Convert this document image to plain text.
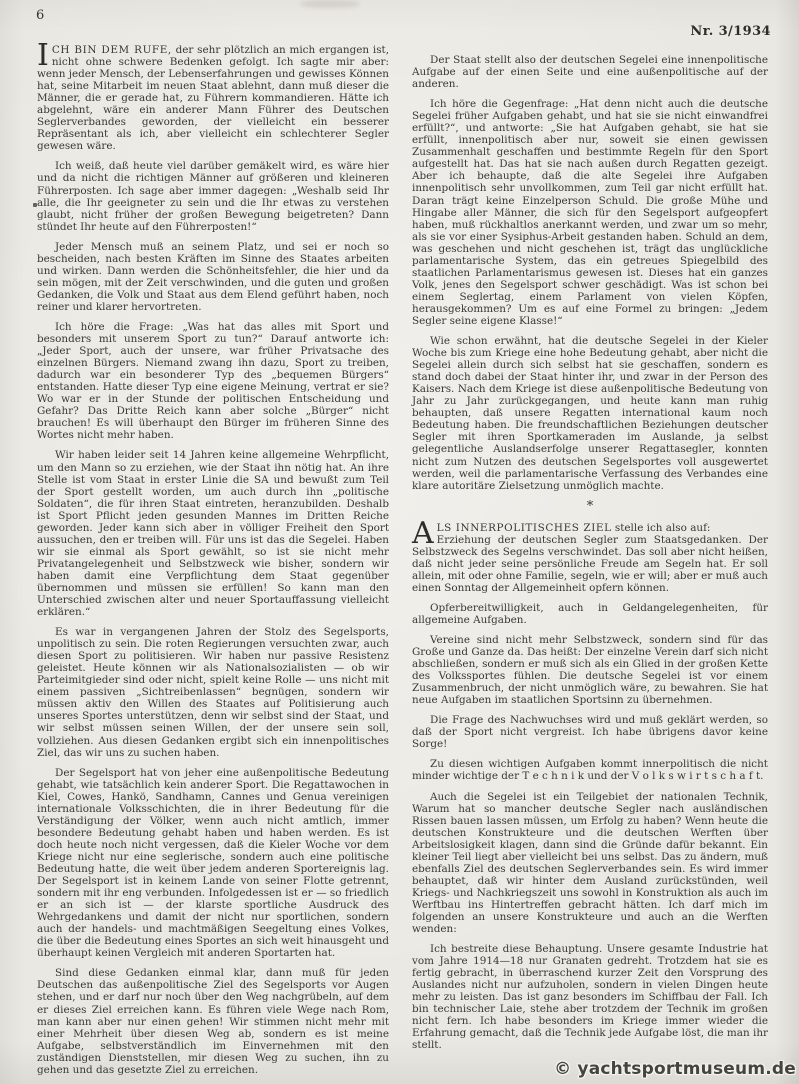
6
Nr. 3/1934

ICH BIN DEM RUFE, der sehr plötzlich an mich ergangen ist, nicht ohne schwere Bedenken gefolgt. Ich sagte mir aber: wenn jeder Mensch, der Lebenserfahrungen und gewisses Können hat, seine Mitarbeit im neuen Staat ablehnt, dann muß dieser die Männer, die er gerade hat, zu Führern kommandieren. Hätte ich abgelehnt, wäre ein anderer Mann Führer des Deutschen Seglerverbandes geworden, der vielleicht ein besserer Repräsentant als ich, aber vielleicht ein schlechterer Segler gewesen wäre.

Ich weiß, daß heute viel darüber gemäkelt wird, es wäre hier und da nicht die richtigen Männer auf größeren und kleineren Führerposten. Ich sage aber immer dagegen: „Weshalb seid Ihr alle, die Ihr geeigneter zu sein und die Ihr etwas zu verstehen glaubt, nicht früher der großen Bewegung beigetreten? Dann stündet Ihr heute auf den Führerposten!“

Jeder Mensch muß an seinem Platz, und sei er noch so bescheiden, nach besten Kräften im Sinne des Staates arbeiten und wirken. Dann werden die Schönheitsfehler, die hier und da sein mögen, mit der Zeit verschwinden, und die guten und großen Gedanken, die Volk und Staat aus dem Elend geführt haben, noch reiner und klarer hervortreten.

Ich höre die Frage: „Was hat das alles mit Sport und besonders mit unserem Sport zu tun?“ Darauf antworte ich: „Jeder Sport, auch der unsere, war früher Privatsache des einzelnen Bürgers. Niemand zwang ihn dazu, Sport zu treiben, dadurch war ein besonderer Typ des „bequemen Bürgers“ entstanden. Hatte dieser Typ eine eigene Meinung, vertrat er sie? Wo war er in der Stunde der politischen Entscheidung und Gefahr? Das Dritte Reich kann aber solche „Bürger“ nicht brauchen! Es will überhaupt den Bürger im früheren Sinne des Wortes nicht mehr haben.

Wir haben leider seit 14 Jahren keine allgemeine Wehrpflicht, um den Mann so zu erziehen, wie der Staat ihn nötig hat. An ihre Stelle ist vom Staat in erster Linie die SA und bewußt zum Teil der Sport gestellt worden, um auch durch ihn „politische Soldaten“, die für ihren Staat eintreten, heranzubilden. Deshalb ist Sport Pflicht jeden gesunden Mannes im Dritten Reiche geworden. Jeder kann sich aber in völliger Freiheit den Sport aussuchen, den er treiben will. Für uns ist das die Segelei. Haben wir sie einmal als Sport gewählt, so ist sie nicht mehr Privatangelegenheit und Selbstzweck wie bisher, sondern wir haben damit eine Verpflichtung dem Staat gegenüber übernommen und müssen sie erfüllen! So kann man den Unterschied zwischen alter und neuer Sportauffassung vielleicht erklären.“

Es war in vergangenen Jahren der Stolz des Segelsports, unpolitisch zu sein. Die roten Regierungen versuchten zwar, auch diesen Sport zu politisieren. Wir haben nur passive Resistenz geleistet. Heute können wir als Nationalsozialisten — ob wir Parteimitgieder sind oder nicht, spielt keine Rolle — uns nicht mit einem passiven „Sichtreibenlassen“ begnügen, sondern wir müssen aktiv den Willen des Staates auf Politisierung auch unseres Sportes unterstützen, denn wir selbst sind der Staat, und wir selbst müssen seinen Willen, der der unsere sein soll, vollziehen. Aus diesen Gedanken ergibt sich ein innenpolitisches Ziel, das wir uns zu suchen haben.

Der Segelsport hat von jeher eine außenpolitische Bedeutung gehabt, wie tatsächlich kein anderer Sport. Die Regattawochen in Kiel, Cowes, Hankö, Sandhamn, Cannes und Genua vereinigen internationale Volksschichten, die in ihrer Bedeutung für die Verständigung der Völker, wenn auch nicht amtlich, immer besondere Bedeutung gehabt haben und haben werden. Es ist doch heute noch nicht vergessen, daß die Kieler Woche vor dem Kriege nicht nur eine seglerische, sondern auch eine politische Bedeutung hatte, die weit über jedem anderen Sportereignis lag. Der Segelsport ist in keinem Lande von seiner Flotte getrennt, sondern mit ihr eng verbunden. Infolgedessen ist er — so friedlich er an sich ist — der klarste sportliche Ausdruck des Wehrgedankens und damit der nicht nur sportlichen, sondern auch der handels- und machtmäßigen Seegeltung eines Volkes, die über die Bedeutung eines Sportes an sich weit hinausgeht und überhaupt keinen Vergleich mit anderen Sportarten hat.

Sind diese Gedanken einmal klar, dann muß für jeden Deutschen das außenpolitische Ziel des Segelsports vor Augen stehen, und er darf nur noch über den Weg nachgrübeln, auf dem er dieses Ziel erreichen kann. Es führen viele Wege nach Rom, man kann aber nur einen gehen! Wir stimmen nicht mehr mit einer Mehrheit über diesen Weg ab, sondern es ist meine Aufgabe, selbstverständlich im Einvernehmen mit den zuständigen Dienststellen, mir diesen Weg zu suchen, ihn zu gehen und das gesetzte Ziel zu erreichen.

Der Staat stellt also der deutschen Segelei eine innenpolitische Aufgabe auf der einen Seite und eine außenpolitische auf der anderen.

Ich höre die Gegenfrage: „Hat denn nicht auch die deutsche Segelei früher Aufgaben gehabt, und hat sie sie nicht einwandfrei erfüllt?“, und antworte: „Sie hat Aufgaben gehabt, sie hat sie erfüllt, innenpolitisch aber nur, soweit sie einen gewissen Zusammenhalt geschaffen und bestimmte Regeln für den Sport aufgestellt hat. Das hat sie nach außen durch Regatten gezeigt. Aber ich behaupte, daß die alte Segelei ihre Aufgaben innenpolitisch sehr unvollkommen, zum Teil gar nicht erfüllt hat. Daran trägt keine Einzelperson Schuld. Die große Mühe und Hingabe aller Männer, die sich für den Segelsport aufgeopfert haben, muß rückhaltlos anerkannt werden, und zwar um so mehr, als sie vor einer Sysiphus-Arbeit gestanden haben. Schuld an dem, was geschehen und nicht geschehen ist, trägt das unglückliche parlamentarische System, das ein getreues Spiegelbild des staatlichen Parlamentarismus gewesen ist. Dieses hat ein ganzes Volk, jenes den Segelsport schwer geschädigt. Was ist schon bei einem Seglertag, einem Parlament von vielen Köpfen, herausgekommen? Um es auf eine Formel zu bringen: „Jedem Segler seine eigene Klasse!“

Wie schon erwähnt, hat die deutsche Segelei in der Kieler Woche bis zum Kriege eine hohe Bedeutung gehabt, aber nicht die Segelei allein durch sich selbst hat sie geschaffen, sondern es stand doch dabei der Staat hinter ihr, und zwar in der Person des Kaisers. Nach dem Kriege ist diese außenpolitische Bedeutung von Jahr zu Jahr zurückgegangen, und heute kann man ruhig behaupten, daß unsere Regatten international kaum noch Bedeutung haben. Die freundschaftlichen Beziehungen deutscher Segler mit ihren Sportkameraden im Auslande, ja selbst gelegentliche Auslandserfolge unserer Regattasegler, konnten nicht zum Nutzen des deutschen Segelsportes voll ausgewertet werden, weil die parlamentarische Verfassung des Verbandes eine klare autoritäre Zielsetzung unmöglich machte.

*

ALS INNERPOLITISCHES ZIEL stelle ich also auf:
Erziehung der deutschen Segler zum Staatsgedanken. Der Selbstzweck des Segelns verschwindet. Das soll aber nicht heißen, daß nicht jeder seine persönliche Freude am Segeln hat. Er soll allein, mit oder ohne Familie, segeln, wie er will; aber er muß auch einen Sonntag der Allgemeinheit opfern können.

Opferbereitwilligkeit, auch in Geldangelegenheiten, für allgemeine Aufgaben.

Vereine sind nicht mehr Selbstzweck, sondern sind für das Große und Ganze da. Das heißt: Der einzelne Verein darf sich nicht abschließen, sondern er muß sich als ein Glied in der großen Kette des Volkssportes fühlen. Die deutsche Segelei ist vor einem Zusammenbruch, der nicht unmöglich wäre, zu bewahren. Sie hat neue Aufgaben im staatlichen Sportsinn zu übernehmen.

Die Frage des Nachwuchses wird und muß geklärt werden, so daß der Sport nicht vergreist. Ich habe übrigens davor keine Sorge!

Zu diesen wichtigen Aufgaben kommt innerpolitisch die nicht minder wichtige der T e c h n i k und der V o l k s w i r t s c h a f t.

Auch die Segelei ist ein Teilgebiet der nationalen Technik, Warum hat so mancher deutsche Segler nach ausländischen Rissen bauen lassen müssen, um Erfolg zu haben? Wenn heute die deutschen Konstrukteure und die deutschen Werften über Arbeitslosigkeit klagen, dann sind die Gründe dafür bekannt. Ein kleiner Teil liegt aber vielleicht bei uns selbst. Das zu ändern, muß ebenfalls Ziel des deutschen Seglerverbandes sein. Es wird immer behauptet, daß wir hinter dem Ausland zurückstünden, weil Kriegs- und Nachkriegszeit uns sowohl in Konstruktion als auch im Werftbau ins Hintertreffen gebracht hätten. Ich darf mich im folgenden an unsere Konstrukteure und auch an die Werften wenden:

Ich bestreite diese Behauptung. Unsere gesamte Industrie hat vom Jahre 1914—18 nur Granaten gedreht. Trotzdem hat sie es fertig gebracht, in überraschend kurzer Zeit den Vorsprung des Auslandes nicht nur aufzuholen, sondern in vielen Dingen heute mehr zu leisten. Das ist ganz besonders im Schiffbau der Fall. Ich bin technischer Laie, stehe aber trotzdem der Technik im großen nicht fern. Ich habe besonders im Kriege immer wieder die Erfahrung gemacht, daß die Technik jede Aufgabe löst, die man ihr stellt.

© yachtsportmuseum.de
